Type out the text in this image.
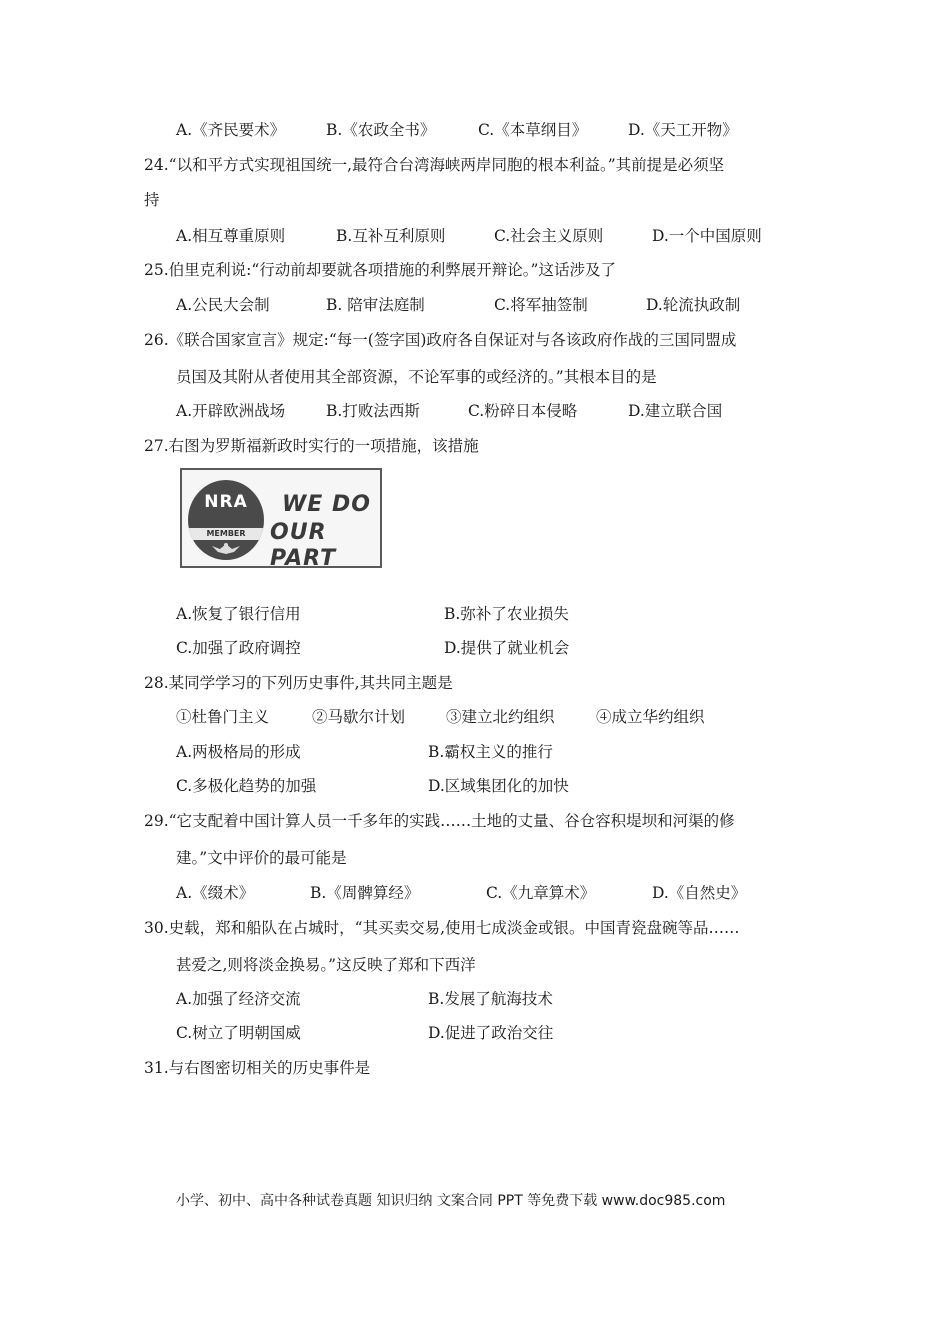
A.《齐民要术》	B.《农政全书》	C.《本草纲目》	D.《天工开物》
24.“以和平方式实现祖国统一,最符合台湾海峡两岸同胞的根本利益。”其前提是必须坚
持
A.相互尊重原则	B.互补互利原则	C.社会主义原则	D.一个中国原则
25.伯里克利说:“行动前却要就各项措施的利弊展开辩论。”这话涉及了
A.公民大会制	B. 陪审法庭制	C.将军抽签制	D.轮流执政制
26.《联合国家宣言》规定:“每一(签字国)政府各自保证对与各该政府作战的三国同盟成
员国及其附从者使用其全部资源，不论军事的或经济的。”其根本目的是
A.开辟欧洲战场	B.打败法西斯	C.粉碎日本侵略	D.建立联合国
27.右图为罗斯福新政时实行的一项措施，该措施
NRA
MEMBER
WE DO
OUR PART
A.恢复了银行信用	B.弥补了农业损失
C.加强了政府调控	D.提供了就业机会
28.某同学学习的下列历史事件,其共同主题是
①杜鲁门主义	②马歇尔计划	③建立北约组织	④成立华约组织
A.两极格局的形成	B.霸权主义的推行
C.多极化趋势的加强	D.区域集团化的加快
29.“它支配着中国计算人员一千多年的实践……土地的丈量、谷仓容积堤坝和河渠的修
建。”文中评价的最可能是
A.《缀术》	B.《周髀算经》	C.《九章算术》	D.《自然史》
30.史载，郑和船队在占城时，“其买卖交易,使用七成淡金或银。中国青瓷盘碗等品……
甚爱之,则将淡金换易。”这反映了郑和下西洋
A.加强了经济交流	B.发展了航海技术
C.树立了明朝国威	D.促进了政治交往
31.与右图密切相关的历史事件是
小学、初中、高中各种试卷真题 知识归纳 文案合同 PPT 等免费下载 www.doc985.com
